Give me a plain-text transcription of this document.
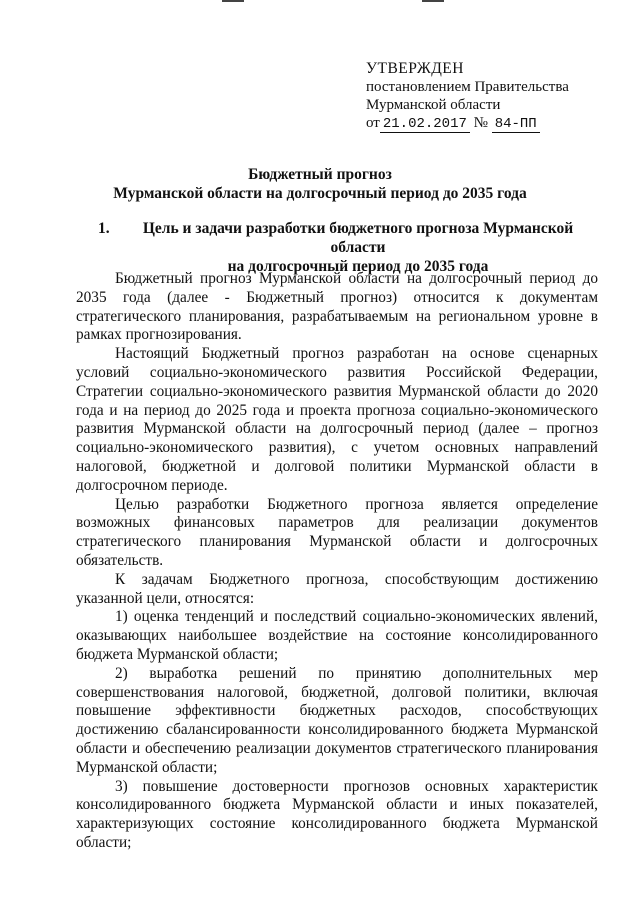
УТВЕРЖДЕН
постановлением Правительства
Мурманской области
от 21.02.2017 № 84-ПП
Бюджетный прогноз
Мурманской области на долгосрочный период до 2035 года
1.	Цель и задачи разработки бюджетного прогноза Мурманской области
на долгосрочный период до 2035 года

Бюджетный прогноз Мурманской области на долгосрочный период до 2035 года (далее - Бюджетный прогноз) относится к документам стратегического планирования, разрабатываемым на региональном уровне в рамках прогнозирования.

Настоящий Бюджетный прогноз разработан на основе сценарных условий социально-экономического развития Российской Федерации, Стратегии социально-экономического развития Мурманской области до 2020 года и на период до 2025 года и проекта прогноза социально-экономического развития Мурманской области на долгосрочный период (далее – прогноз социально-экономического развития), с учетом основных направлений налоговой, бюджетной и долговой политики Мурманской области в долгосрочном периоде.

Целью разработки Бюджетного прогноза является определение возможных финансовых параметров для реализации документов стратегического планирования Мурманской области и долгосрочных обязательств.

К задачам Бюджетного прогноза, способствующим достижению указанной цели, относятся:

1) оценка тенденций и последствий социально-экономических явлений, оказывающих наибольшее воздействие на состояние консолидированного бюджета Мурманской области;

2) выработка решений по принятию дополнительных мер совершенствования налоговой, бюджетной, долговой политики, включая повышение эффективности бюджетных расходов, способствующих достижению сбалансированности консолидированного бюджета Мурманской области и обеспечению реализации документов стратегического планирования Мурманской области;

3) повышение достоверности прогнозов основных характеристик консолидированного бюджета Мурманской области и иных показателей, характеризующих состояние консолидированного бюджета Мурманской области;
